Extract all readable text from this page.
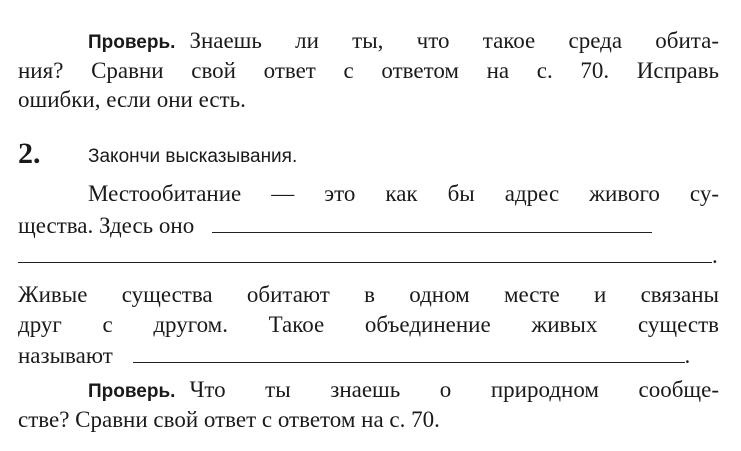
Проверь. Знаешь ли ты, что такое среда обита-
ния? Сравни свой ответ с ответом на с. 70. Исправь
ошибки, если они есть.
2.	Закончи высказывания.
Местообитание — это как бы адрес живого су-
щества. Здесь оно
.
Живые существа обитают в одном месте и связаны
друг с другом. Такое объединение живых существ
называют	.
Проверь. Что ты знаешь о природном сообще-
стве? Сравни свой ответ с ответом на с. 70.
